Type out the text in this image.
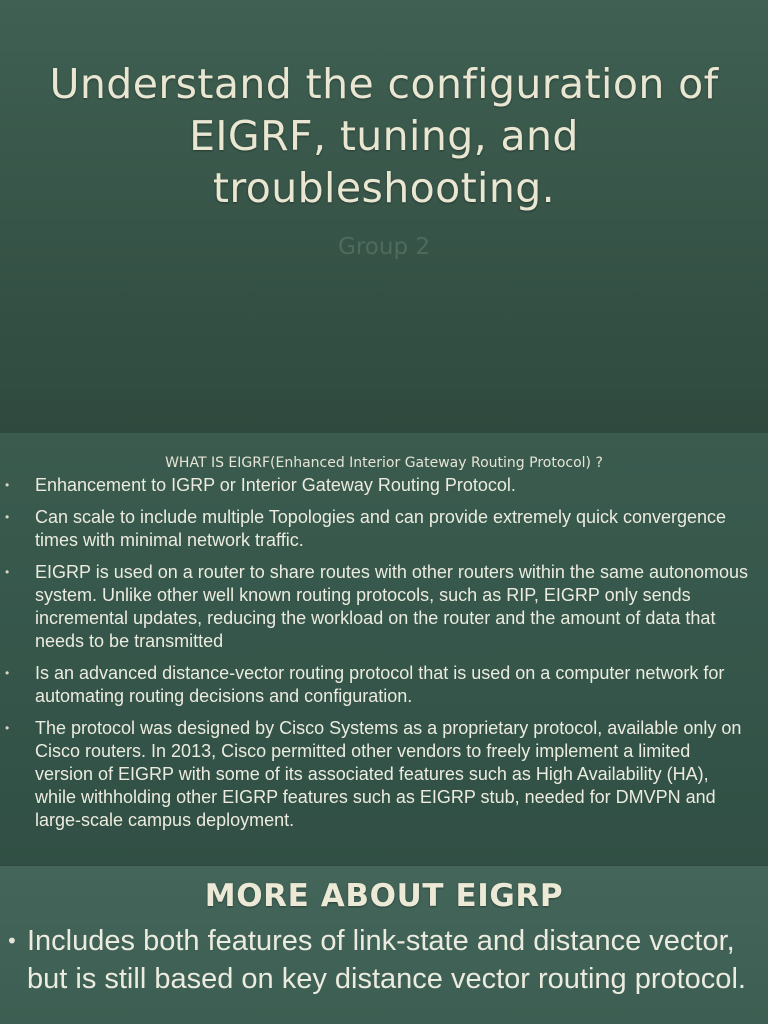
Understand the configuration of EIGRF, tuning, and troubleshooting.
Group 2
WHAT IS EIGRF(Enhanced Interior Gateway Routing Protocol) ?
• Enhancement to IGRP or Interior Gateway Routing Protocol.
• Can scale to include multiple Topologies and can provide extremely quick convergence times with minimal network traffic.
• EIGRP is used on a router to share routes with other routers within the same autonomous system. Unlike other well known routing protocols, such as RIP, EIGRP only sends incremental updates, reducing the workload on the router and the amount of data that needs to be transmitted
• Is an advanced distance-vector routing protocol that is used on a computer network for automating routing decisions and configuration.
• The protocol was designed by Cisco Systems as a proprietary protocol, available only on Cisco routers. In 2013, Cisco permitted other vendors to freely implement a limited version of EIGRP with some of its associated features such as High Availability (HA), while withholding other EIGRP features such as EIGRP stub, needed for DMVPN and large-scale campus deployment.
MORE ABOUT EIGRP
• Includes both features of link-state and distance vector, but is still based on key distance vector routing protocol.
